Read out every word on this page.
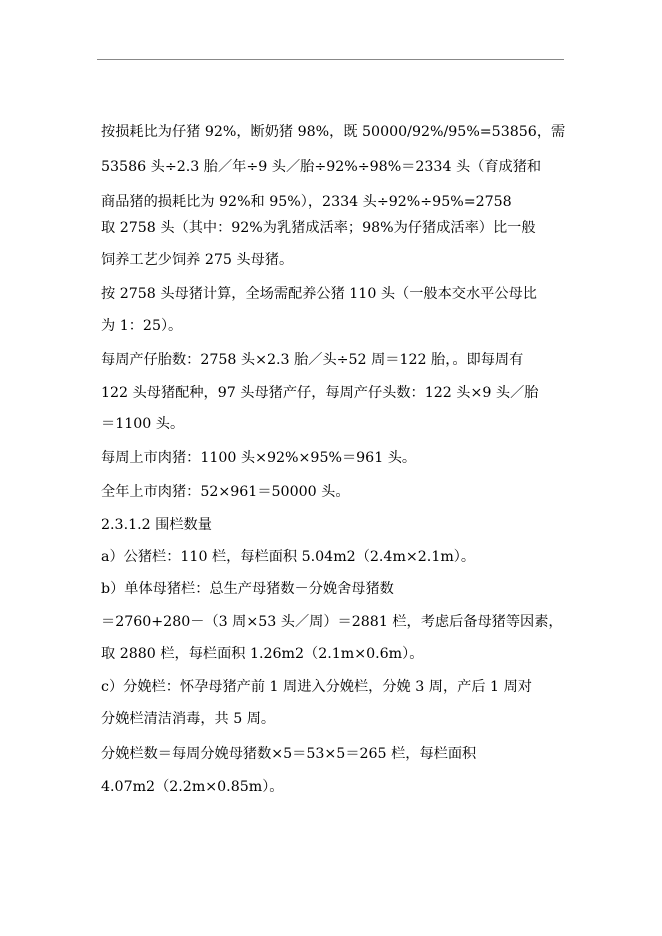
按损耗比为仔猪 92%，断奶猪 98%，既 50000/92%/95%=53856，需
53586 头÷2.3 胎／年÷9 头／胎÷92%÷98%＝2334 头（育成猪和
商品猪的损耗比为 92%和 95%），2334 头÷92%÷95%=2758
取 2758 头（其中：92%为乳猪成活率；98%为仔猪成活率）比一般
饲养工艺少饲养 275 头母猪。
按 2758 头母猪计算，全场需配养公猪 110 头（一般本交水平公母比
为 1：25）。
每周产仔胎数：2758 头×2.3 胎／头÷52 周＝122 胎，。即每周有
122 头母猪配种，97 头母猪产仔，每周产仔头数：122 头×9 头／胎
＝1100 头。
每周上市肉猪：1100 头×92%×95%＝961 头。
全年上市肉猪：52×961＝50000 头。
2.3.1.2 围栏数量
a）公猪栏：110 栏，每栏面积 5.04m2（2.4m×2.1m）。
b）单体母猪栏：总生产母猪数－分娩舍母猪数
＝2760+280－（3 周×53 头／周）＝2881 栏，考虑后备母猪等因素，
取 2880 栏，每栏面积 1.26m2（2.1m×0.6m）。
c）分娩栏：怀孕母猪产前 1 周进入分娩栏，分娩 3 周，产后 1 周对
分娩栏清洁消毒，共 5 周。
分娩栏数＝每周分娩母猪数×5＝53×5＝265 栏，每栏面积
4.07m2（2.2m×0.85m）。
